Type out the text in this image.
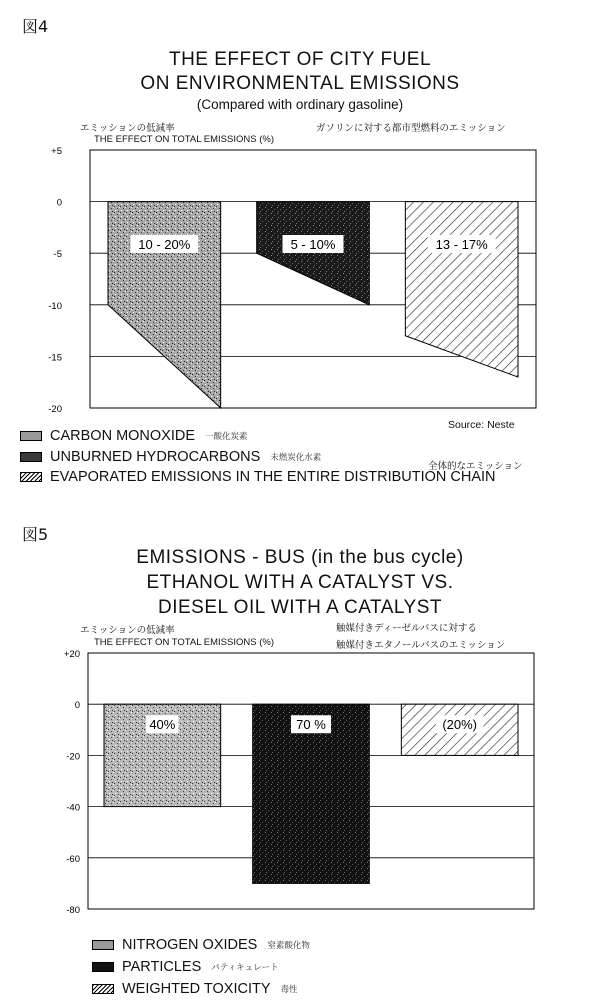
図4

THE EFFECT OF CITY FUEL

ON ENVIRONMENTAL EMISSIONS

(Compared with ordinary gasoline)

エミッションの低減率	ガソリンに対する都市型燃料のエミッション

THE EFFECT ON TOTAL EMISSIONS (%)

+5
0
-5
-10
-15
-20
10 - 20%	5 - 10%	13 - 17%

Source: Neste

CARBON MONOXIDE 一酸化炭素
UNBURNED HYDROCARBONS 未燃炭化水素

全体的なエミッション

EVAPORATED EMISSIONS IN THE ENTIRE DISTRIBUTION CHAIN

図5

EMISSIONS - BUS (in the bus cycle)

ETHANOL WITH A CATALYST VS.

DIESEL OIL WITH A CATALYST

エミッションの低減率	触媒付きディーゼルバスに対する

THE EFFECT ON TOTAL EMISSIONS (%)	触媒付きエタノールバスのエミッション

+20
0
-20
-40
-60
-80
40%	70 %	(20%)
NITROGEN OXIDES 窒素酸化物
PARTICLES パティキュレート
WEIGHTED TOXICITY 毒性
